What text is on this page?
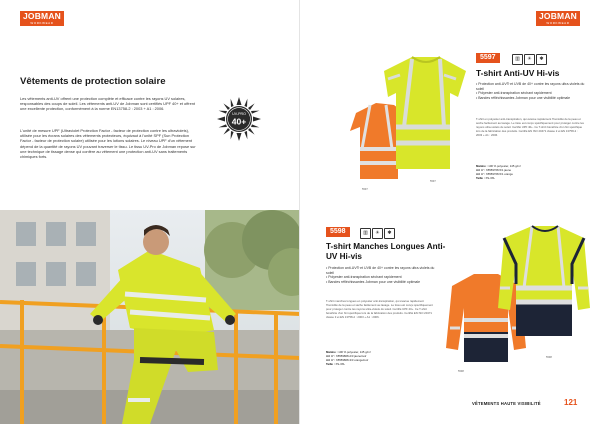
JOBMAN
WORKWEAR
Vêtements de protection solaire

Les vêtements anti-UV offrent une protection complète et efficace contre les rayons UV solaires, responsables des coups de soleil. Les vêtements anti-UV de Jobman sont certifiés UPF 40+ et offrent une excellente protection, conformément à la norme EN13758-2 : 2003 + A1 : 2006.

L'unité de mesure UPF (Ultraviolet Protection Factor - facteur de protection contre les ultraviolets), utilisée pour les écrans solaires des vêtements protecteurs, équivaut à l'unité SPF (Sun Protection Factor - facteur de protection solaire) utilisée pour les lotions solaires. Le niveau UPF d'un vêtement dépend de la quantité de rayons UV pouvant traverser le tissu. Le tissu UV-Pro de Jobman repose sur une technique de tissage dense qui confère au vêtement une protection anti-UV sans traitements chimiques forts.

UV-PRO
40+
JOBMAN
WORKWEAR
5597
5597
5597	▥	☀	✱
T-shirt Anti-UV Hi-vis
• Protection anti-UV® et UVB de 40+ contre les rayons ultra-violets du soleil
• Polyester anti-transpiration séchant rapidement
• Bandes réfléchissantes Jobman pour une visibilité optimale

T-shirt en polyester anti-transpiration, qui évacue rapidement l'humidité de la peau et sèche facilement au lavage. Le tissu est conçu spécifiquement pour protéger contre les rayons ultra-violets du soleil. Certifié UPF 40+. Ce T-shirt bénéficie d'un fini spécifique lors de la fabrication des produits. Certifié EN ISO 20471 classe 2 et EN 13758-2 : 2003 + A1 : 2006.

Matière : 100 % polyester, 145 g/m²
Art n° : 65559708-5/1 jaune
Art n° : 65559708-5/1 orange
Taille : XS-3XL
5598	▥	☀	✱
T-shirt Manches Longues Anti-UV Hi-vis
• Protection anti-UV® et UVB de 40+ contre les rayons ultra-violets du soleil
• Polyester anti-transpiration séchant rapidement
• Bandes réfléchissantes Jobman pour une visibilité optimale

T-shirt manches longues en polyester anti-transpiration, qui évacue rapidement l'humidité de la peau et sèche facilement au lavage. Le tissu est conçu spécifiquement pour protéger contre les rayons ultra-violets du soleil. Certifié UPF 40+. Ce T-shirt bénéficie d'un fini spécifique lors de la fabrication des produits. Certifié EN ISO 20471 classe 3 et EN 13758-2 : 2003 + A1 : 2006.

Matière : 100 % polyester, 145 g/m²
Art n° : 65559808-2/3 jaune/noir
Art n° : 65559808-3/3 orange/noir
Taille : XS-3XL
5598
5598
VÊTEMENTS HAUTE VISIBILITÉ	121
